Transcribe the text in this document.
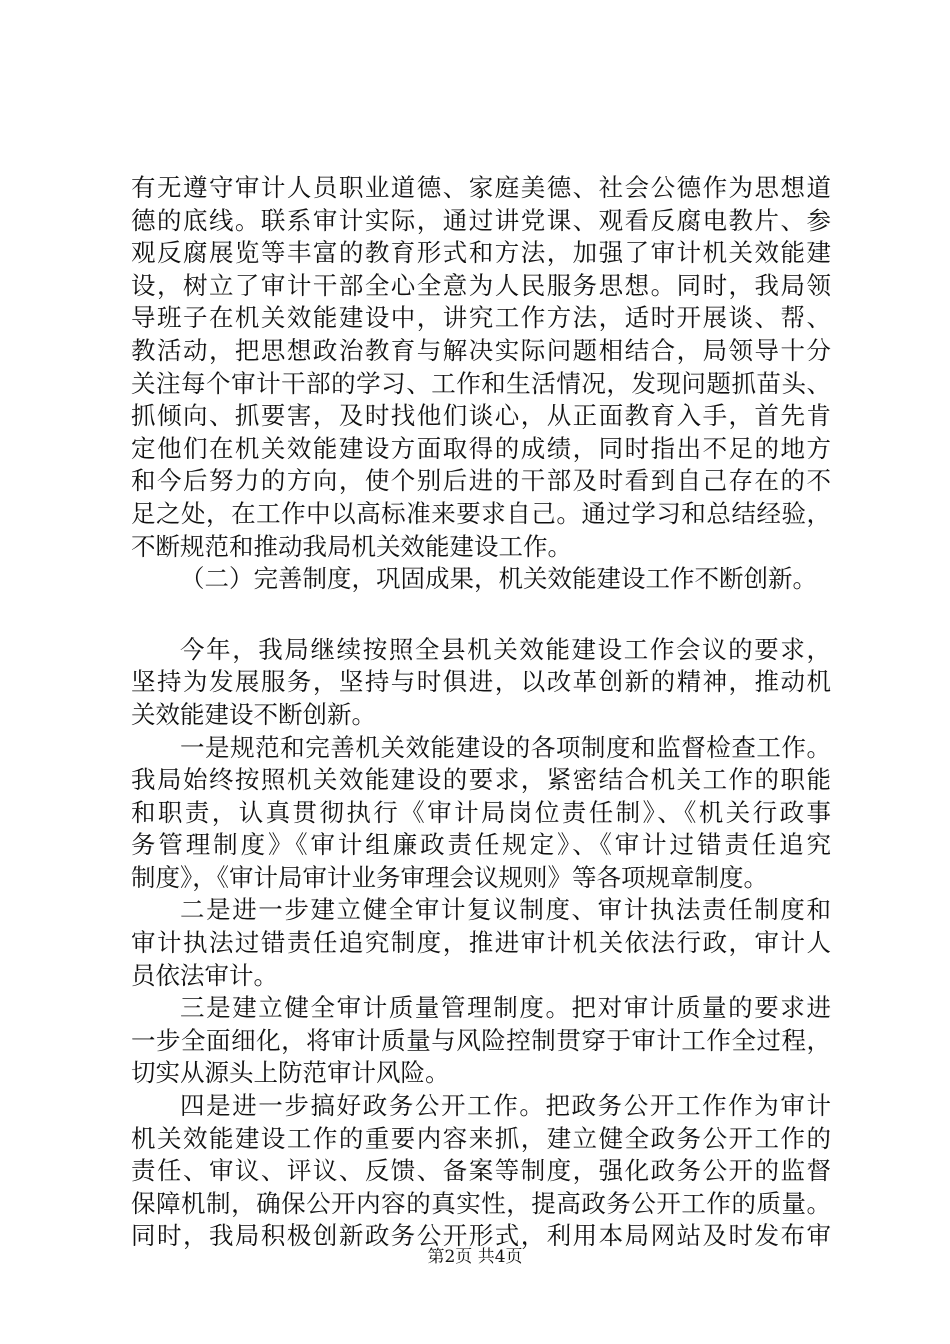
有无遵守审计人员职业道德、家庭美德、社会公德作为思想道
德的底线。联系审计实际，通过讲党课、观看反腐电教片、参
观反腐展览等丰富的教育形式和方法，加强了审计机关效能建
设，树立了审计干部全心全意为人民服务思想。同时，我局领
导班子在机关效能建设中，讲究工作方法，适时开展谈、帮、
教活动，把思想政治教育与解决实际问题相结合，局领导十分
关注每个审计干部的学习、工作和生活情况，发现问题抓苗头、
抓倾向、抓要害，及时找他们谈心，从正面教育入手，首先肯
定他们在机关效能建设方面取得的成绩，同时指出不足的地方
和今后努力的方向，使个别后进的干部及时看到自己存在的不
足之处，在工作中以高标准来要求自己。通过学习和总结经验，
不断规范和推动我局机关效能建设工作。
（二）完善制度，巩固成果，机关效能建设工作不断创新。
今年，我局继续按照全县机关效能建设工作会议的要求，
坚持为发展服务，坚持与时俱进，以改革创新的精神，推动机
关效能建设不断创新。
一是规范和完善机关效能建设的各项制度和监督检查工作。
我局始终按照机关效能建设的要求，紧密结合机关工作的职能
和职责，认真贯彻执行《审计局岗位责任制》、《机关行政事
务管理制度》《审计组廉政责任规定》、《审计过错责任追究
制度》，《审计局审计业务审理会议规则》等各项规章制度。
二是进一步建立健全审计复议制度、审计执法责任制度和
审计执法过错责任追究制度，推进审计机关依法行政，审计人
员依法审计。
三是建立健全审计质量管理制度。把对审计质量的要求进
一步全面细化，将审计质量与风险控制贯穿于审计工作全过程，
切实从源头上防范审计风险。
四是进一步搞好政务公开工作。把政务公开工作作为审计
机关效能建设工作的重要内容来抓，建立健全政务公开工作的
责任、审议、评议、反馈、备案等制度，强化政务公开的监督
保障机制，确保公开内容的真实性，提高政务公开工作的质量。
同时，我局积极创新政务公开形式，利用本局网站及时发布审
第2页 共4页
